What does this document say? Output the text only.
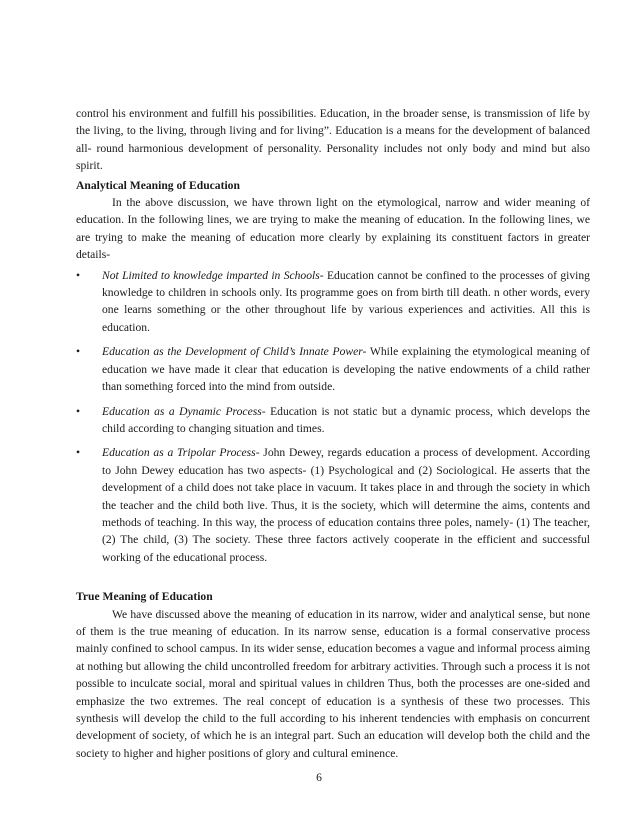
control his environment and fulfill his possibilities. Education, in the broader sense, is transmission of life by the living, to the living, through living and for living”. Education is a means for the development of balanced all- round harmonious development of personality. Personality includes not only body and mind but also spirit.

Analytical Meaning of Education

In the above discussion, we have thrown light on the etymological, narrow and wider meaning of education. In the following lines, we are trying to make the meaning of education. In the following lines, we are trying to make the meaning of education more clearly by explaining its constituent factors in greater details-

•	Not Limited to knowledge imparted in Schools- Education cannot be confined to the processes of giving knowledge to children in schools only. Its programme goes on from birth till death. n other words, every one learns something or the other throughout life by various experiences and activities. All this is education.
•	Education as the Development of Child’s Innate Power- While explaining the etymological meaning of education we have made it clear that education is developing the native endowments of a child rather than something forced into the mind from outside.
•	Education as a Dynamic Process- Education is not static but a dynamic process, which develops the child according to changing situation and times.
•	Education as a Tripolar Process- John Dewey, regards education a process of development. According to John Dewey education has two aspects- (1) Psychological and (2) Sociological. He asserts that the development of a child does not take place in vacuum. It takes place in and through the society in which the teacher and the child both live. Thus, it is the society, which will determine the aims, contents and methods of teaching. In this way, the process of education contains three poles, namely- (1) The teacher, (2) The child, (3) The society. These three factors actively cooperate in the efficient and successful working of the educational process.

True Meaning of Education

We have discussed above the meaning of education in its narrow, wider and analytical sense, but none of them is the true meaning of education. In its narrow sense, education is a formal conservative process mainly confined to school campus. In its wider sense, education becomes a vague and informal process aiming at nothing but allowing the child uncontrolled freedom for arbitrary activities. Through such a process it is not possible to inculcate social, moral and spiritual values in children Thus, both the processes are one-sided and emphasize the two extremes. The real concept of education is a synthesis of these two processes. This synthesis will develop the child to the full according to his inherent tendencies with emphasis on concurrent development of society, of which he is an integral part. Such an education will develop both the child and the society to higher and higher positions of glory and cultural eminence.

6
